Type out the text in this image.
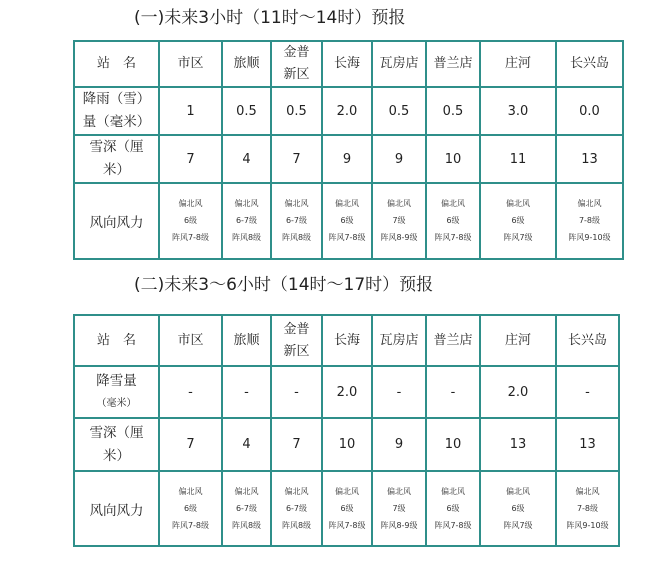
(一)未来3小时（11时～14时）预报
站　名	市区	旅顺	金普
新区	长海	瓦房店	普兰店	庄河	长兴岛

降雨（雪）
量（毫米）	1	0.5	0.5	2.0	0.5	0.5	3.0	0.0

雪深（厘
米）	7	4	7	9	9	10	11	13
风向风力	偏北风
6级
阵风7-8级	偏北风
6-7级
阵风8级	偏北风
6-7级
阵风8级	偏北风
6级
阵风7-8级	偏北风
7级
阵风8-9级	偏北风
6级
阵风7-8级	偏北风
6级
阵风7级	偏北风
7-8级
阵风9-10级
(二)未来3～6小时（14时～17时）预报
站　名	市区	旅顺	金普
新区	长海	瓦房店	普兰店	庄河	长兴岛

降雪量
（毫米）	-	-	-	2.0	-	-	2.0	-

雪深（厘
米）	7	4	7	10	9	10	13	13
风向风力	偏北风
6级
阵风7-8级	偏北风
6-7级
阵风8级	偏北风
6-7级
阵风8级	偏北风
6级
阵风7-8级	偏北风
7级
阵风8-9级	偏北风
6级
阵风7-8级	偏北风
6级
阵风7级	偏北风
7-8级
阵风9-10级
